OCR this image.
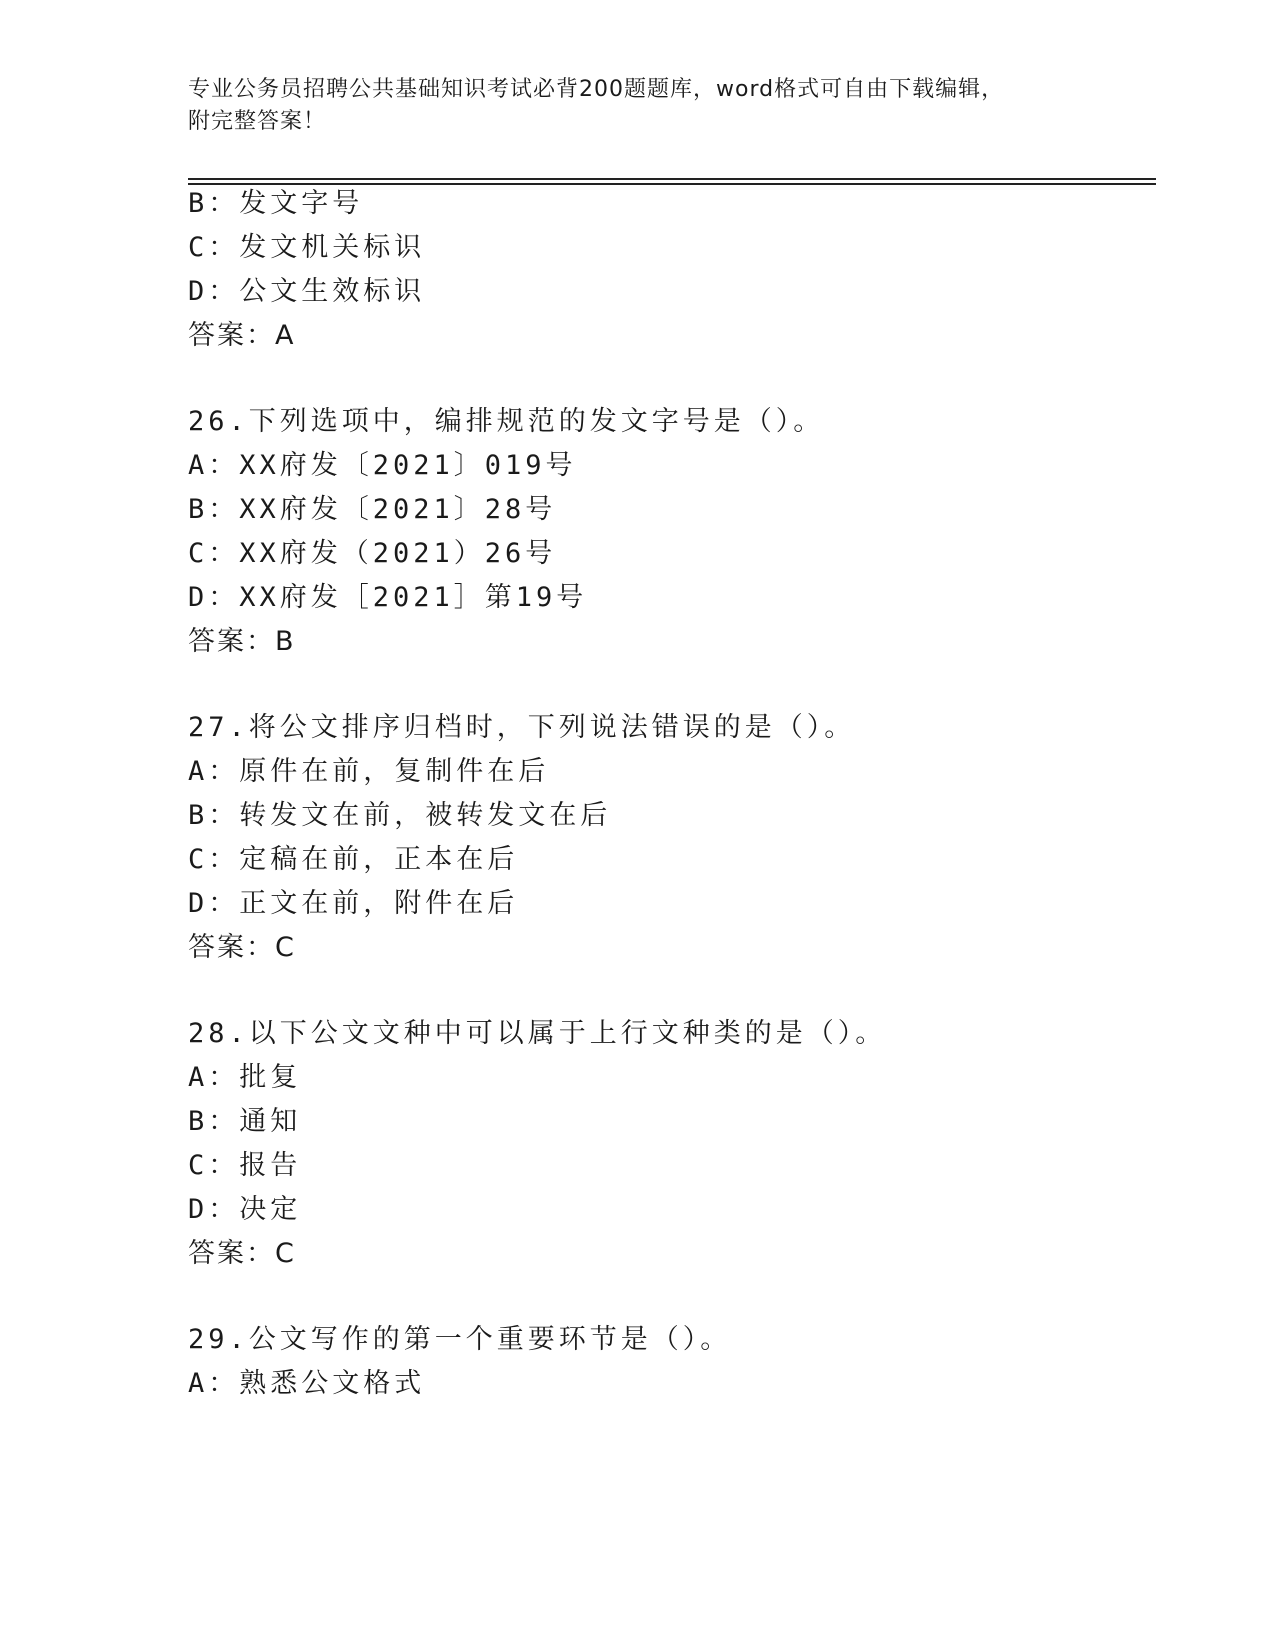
专业公务员招聘公共基础知识考试必背200题题库，word格式可自由下载编辑，
附完整答案！
B：发文字号
C：发文机关标识
D：公文生效标识
答案：A
26.下列选项中，编排规范的发文字号是（）。
A：XX府发〔2021〕019号
B：XX府发〔2021〕28号
C：XX府发（2021）26号
D：XX府发［2021］第19号
答案：B
27.将公文排序归档时，下列说法错误的是（）。
A：原件在前，复制件在后
B：转发文在前，被转发文在后
C：定稿在前，正本在后
D：正文在前，附件在后
答案：C
28.以下公文文种中可以属于上行文种类的是（）。
A：批复
B：通知
C：报告
D：决定
答案：C
29.公文写作的第一个重要环节是（）。
A：熟悉公文格式
